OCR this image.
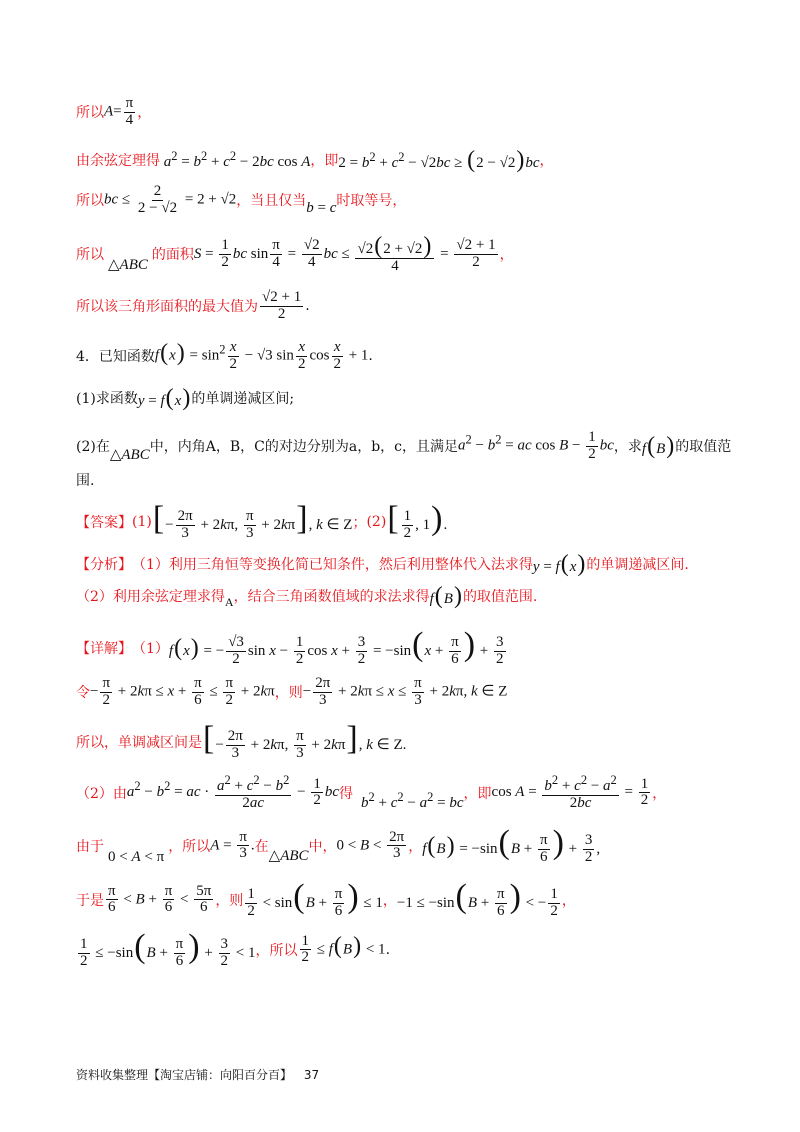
所以 $A= \frac{\pi}{4}$ ，
由余弦定理得 $a^2 = b^2 + c^2 - 2bc$ cos A ，即 $2 = b^2 + c^2 - √2bc \ge (2 - √2)bc$ ，
所以 bc ≤ $\frac{2}{2 - √2} = 2 + √2$ ，当且仅当 b = c 时取等号，
所以
△ABC
的面积 $S = \frac{1}{2}$ bc $\sin \frac{\pi}{4} = \frac{√2}{4}$ bc ≤ $\frac{√2(2 + √2)}{4} = \frac{√2 + 1}{2}$ ，
所以该三角形面积的最大值为 $\frac{√2 + 1}{2}$ .
4．已知函数 $f(x) = \sin^2 \frac{x}{2} - √3$ $\sin \frac{x}{2}$ $\cos \frac{x}{2} + 1$ .
(1)求函数 y = f(x) 的单调递减区间;
(2)在 △ABC 中，内角A，B，C的对边分别为a，b，c，且满足 $a^2 - b^2$ = ac $\cos B - \frac{1}{2}$ bc ，求 f(B) 的取值范
围.
【答案】 (1) [− $\frac{2\pi}{3} + 2k\pi$, $\frac{\pi}{3} + 2k\pi$], k ∈ Z ； (2) [ $\frac{1}{2}$ , 1).
【分析】 （1）利用三角恒等变换化简已知条件，然后利用整体代入法求得 y = f(x) 的单调递减区间.
（2）利用余弦定理求得 A ，结合三角函数值域的求法求得 f(B) 的取值范围.
【详解】 （1） f(x) = − $\frac{√3}{2}$ $\sin x - \frac{1}{2}$ $\cos x + \frac{3}{2} = -\sin(x + \frac{\pi}{6}$ ) + $\frac{3}{2}$
令 − $\frac{\pi}{2} + 2k\pi \le x + \frac{\pi}{6} \le \frac{\pi}{2} + 2k\pi$ ，则 − $\frac{2\pi}{3} + 2k\pi \le x \le \frac{\pi}{3} + 2k\pi$, k ∈ Z
所以，单调减区间是 [− $\frac{2\pi}{3} + 2k\pi$, $\frac{\pi}{3} + 2k\pi$], k ∈ Z.
（2）由 $a^2 - b^2$ = ac · $\frac{a^2 + c^2 - b^2}{2ac} - \frac{1}{2}$ bc 得
$b^2 + c^2 - a^2$ = bc
，即 $\cos A = \frac{b^2 + c^2 - a^2}{2bc} = \frac{1}{2}$ ，
由于
0 < A < π
，所以 $A = \frac{\pi}{3}$ . 在
△ABC
中， $0 < B < \frac{2\pi}{3}$ ， $f(B) = -\sin(B + \frac{\pi}{6}$ ) + $\frac{3}{2}$ ,
于是 $\frac{\pi}{6} < B + \frac{\pi}{6} < \frac{5\pi}{6}$ ，则 $\frac{1}{2} < \sin(B + \frac{\pi}{6}$ ) ≤ 1 ， $-1 \le -\sin(B + \frac{\pi}{6}$ ) < − $\frac{1}{2}$ ，
$\frac{1}{2} \le -\sin(B + \frac{\pi}{6}$ ) + $\frac{3}{2} < 1$ ，所以 $\frac{1}{2} \le f(B) < 1$ .
资料收集整理【淘宝店铺：向阳百分百】 37
